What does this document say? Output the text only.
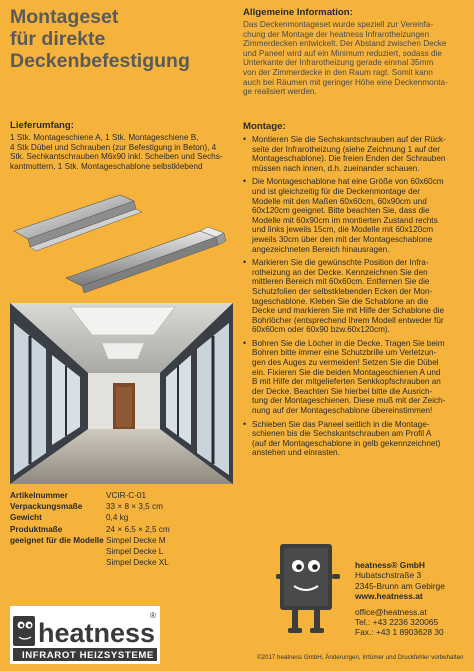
Montageset
für direkte
Deckenbefestigung
Allgemeine Information:
Das Deckenmontageset wurde speziell zur Vereinfa-
chung der Montage der heatness Infrarotheizungen
Zimmerdecken entwickelt. Der Abstand zwischen Decke
und Paneel wird auf ein Minimum reduziert, sodass die
Unterkante der Infrarotheizung gerade einmal 35mm
von der Zimmerdecke in den Raum ragt. Somit kann
auch bei Räumen mit geringer Höhe eine Deckenmonta-
ge realisiert werden.
Lieferumfang:
1 Stk. Montageschiene A, 1 Stk. Montageschiene B,
4 Stk Dübel und Schrauben (zur Befestigung in Beton), 4
Stk. Sechkantschrauben M6x90 inkl. Scheiben und Sechs-
kantmuttern, 1 Stk. Montageschablone selbstklebend
Artikelnummer	VCIR-C-01
Verpackungsmaße	33 × 8 × 3,5 cm
Gewicht	0,4 kg
Produktmaße	24 × 6,5 × 2,5 cm
geeignet für die Modelle Simpel Decke M
Simpel Decke L
Simpel Decke XL
heatness
®
INFRAROT HEIZSYSTEME
Montage:
• Montieren Sie die Sechskantschrauben auf der Rück-
seite der Infrarotheizung (siehe Zeichnung 1 auf der
Montageschablone). Die freien Enden der Schrauben
müssen nach innen, d.h. zueinander schauen.
• Die Montageschablone hat eine Größe von 60x60cm
und ist gleichzeitig für die Deckenmontage der
Modelle mit den Maßen 60x60cm, 60x90cm und
60x120cm geeignet. Bitte beachten Sie, dass die
Modelle mit 60x90cm im montierten Zustand rechts
und links jeweils 15cm, die Modelle mit 60x120cm
jeweils 30cm über den mit der Montageschablone
angezeichneten Bereich hinausragen.
• Markieren Sie die gewünschte Position der Infra-
rotheizung an der Decke. Kennzeichnen Sie den
mittleren Bereich mit 60x60cm. Entfernen Sie die
Schutzfolien der selbstklebenden Ecken der Mon-
tageschablone. Kleben Sie die Schablone an die
Decke und markieren Sie mit Hilfe der Schablone die
Bohrlöcher (entsprechend Ihrem Modell entweder für
60x60cm oder 60x90 bzw.60x120cm).
• Bohren Sie die Löcher in die Decke. Tragen Sie beim
Bohren bitte immer eine Schutzbrille um Verletzun-
gen des Auges zu vermeiden! Setzen Sie die Dübel
ein. Fixieren Sie die beiden Montageschienen A und
B mit Hilfe der mitgelieferten Senkkopfschrauben an
der Decke. Beachten Sie hierbei bitte die Ausrich-
tung der Montageschienen. Diese muß mit der Zeich-
nung auf der Montageschablone übereinstimmen!
• Schieben Sie das Paneel seitlich in die Montage-
schienen bis die Sechskantschrauben am Profil A
(auf der Montageschablone in gelb gekennzeichnet)
anstehen und einrasten.
heatness® GmbH
Hubatschstraße 3
2345-Brunn am Gebirge
www.heatness.at
office@heatness.at
Tel.: +43 2236 320065
Fax.: +43 1 8903628 30
©2017 heatness GmbH, Änderungen, Irrtümer und Druckfehler vorbehalten
